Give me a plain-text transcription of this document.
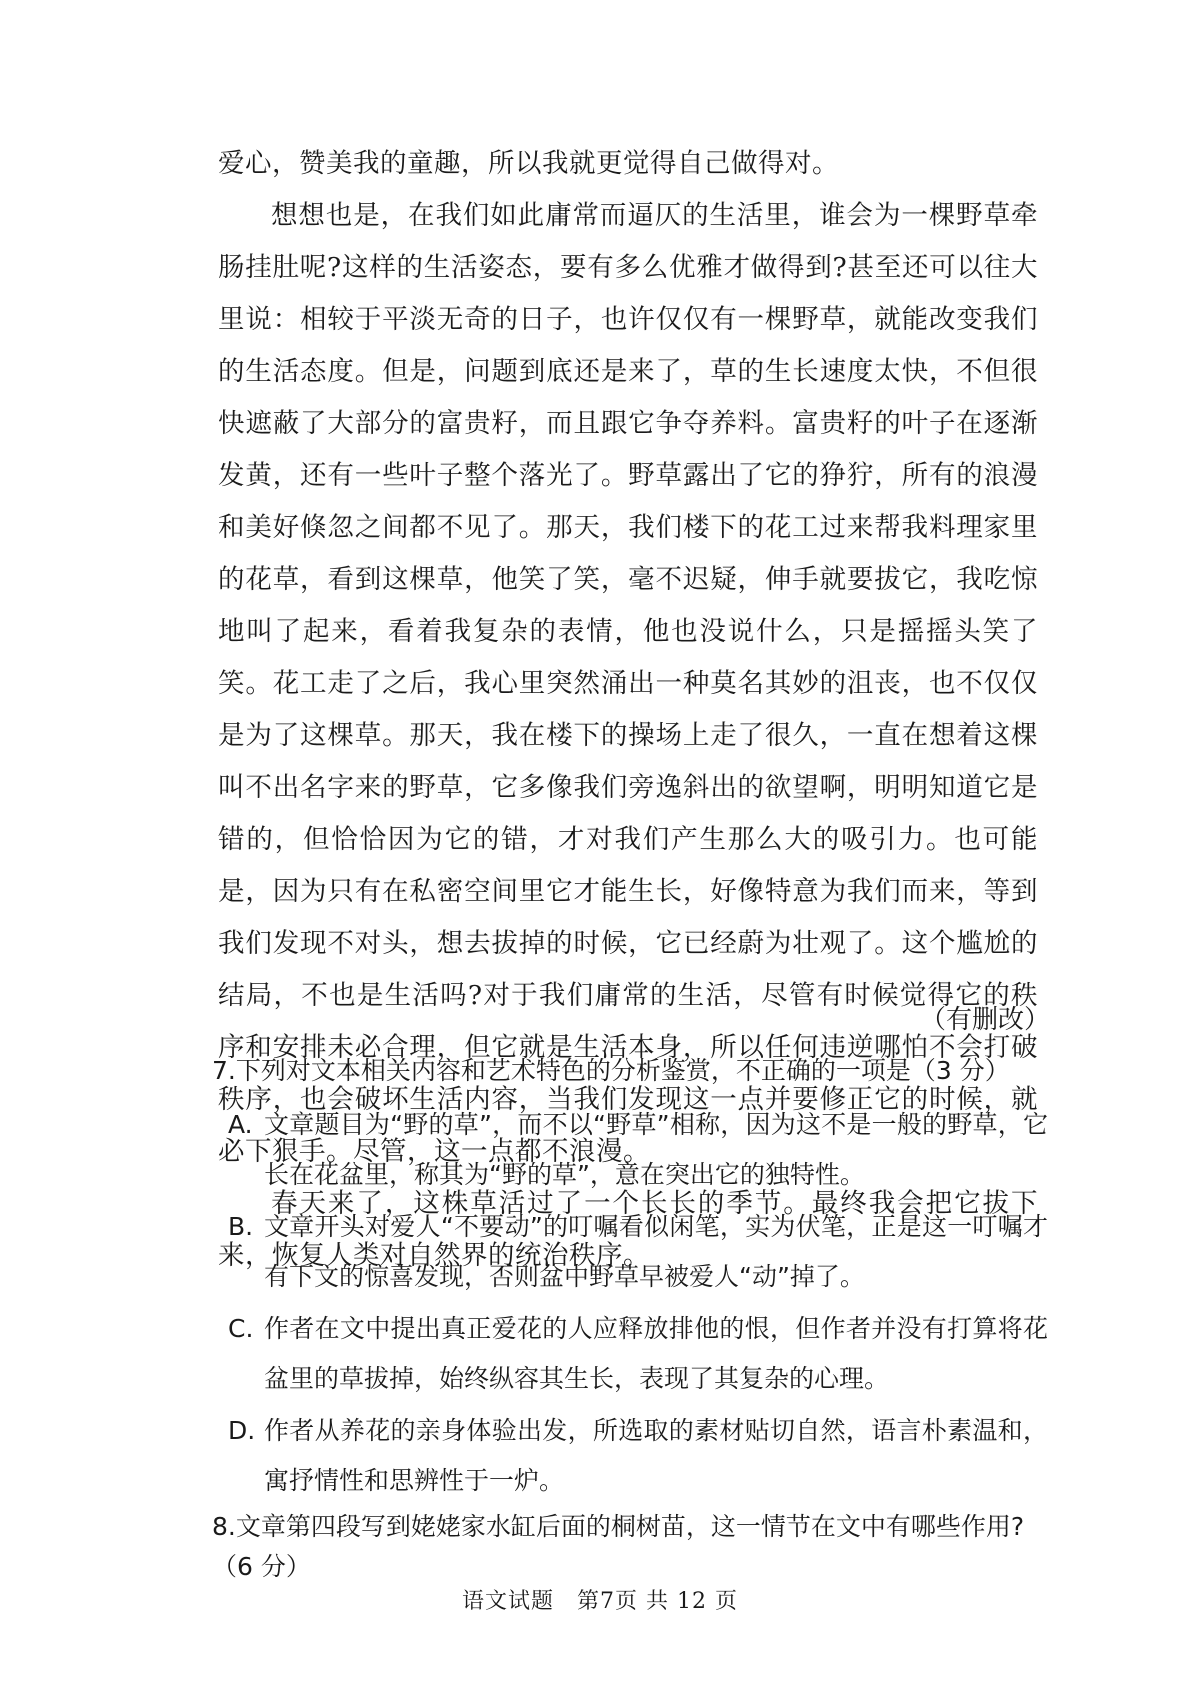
爱心，赞美我的童趣，所以我就更觉得自己做得对。

想想也是，在我们如此庸常而逼仄的生活里，谁会为一棵野草牵肠挂肚呢?这样的生活姿态，要有多么优雅才做得到?甚至还可以往大里说：相较于平淡无奇的日子，也许仅仅有一棵野草，就能改变我们的生活态度。但是，问题到底还是来了，草的生长速度太快，不但很快遮蔽了大部分的富贵籽，而且跟它争夺养料。富贵籽的叶子在逐渐发黄，还有一些叶子整个落光了。野草露出了它的狰狞，所有的浪漫和美好倏忽之间都不见了。那天，我们楼下的花工过来帮我料理家里的花草，看到这棵草，他笑了笑，毫不迟疑，伸手就要拔它，我吃惊地叫了起来，看着我复杂的表情，他也没说什么，只是摇摇头笑了笑。花工走了之后，我心里突然涌出一种莫名其妙的沮丧，也不仅仅是为了这棵草。那天，我在楼下的操场上走了很久，一直在想着这棵叫不出名字来的野草，它多像我们旁逸斜出的欲望啊，明明知道它是错的，但恰恰因为它的错，才对我们产生那么大的吸引力。也可能是，因为只有在私密空间里它才能生长，好像特意为我们而来，等到我们发现不对头，想去拔掉的时候，它已经蔚为壮观了。这个尴尬的结局，不也是生活吗?对于我们庸常的生活，尽管有时候觉得它的秩序和安排未必合理，但它就是生活本身，所以任何违逆哪怕不会打破秩序，也会破坏生活内容，当我们发现这一点并要修正它的时候，就必下狠手。尽管，这一点都不浪漫。

春天来了，这株草活过了一个长长的季节。最终我会把它拔下来，恢复人类对自然界的统治秩序。

（有删改）
7.下列对文本相关内容和艺术特色的分析鉴赏，不正确的一项是（3 分）
A. 文章题目为“野的草”，而不以“野草”相称，因为这不是一般的野草，它长在花盆里，称其为“野的草”，意在突出它的独特性。
B. 文章开头对爱人“不要动”的叮嘱看似闲笔，实为伏笔，正是这一叮嘱才有下文的惊喜发现，否则盆中野草早被爱人“动”掉了。
C. 作者在文中提出真正爱花的人应释放排他的恨，但作者并没有打算将花盆里的草拔掉，始终纵容其生长，表现了其复杂的心理。
D. 作者从养花的亲身体验出发，所选取的素材贴切自然，语言朴素温和，寓抒情性和思辨性于一炉。
8.文章第四段写到姥姥家水缸后面的桐树苗，这一情节在文中有哪些作用?（6 分）
语文试题　第7页 共 12 页
